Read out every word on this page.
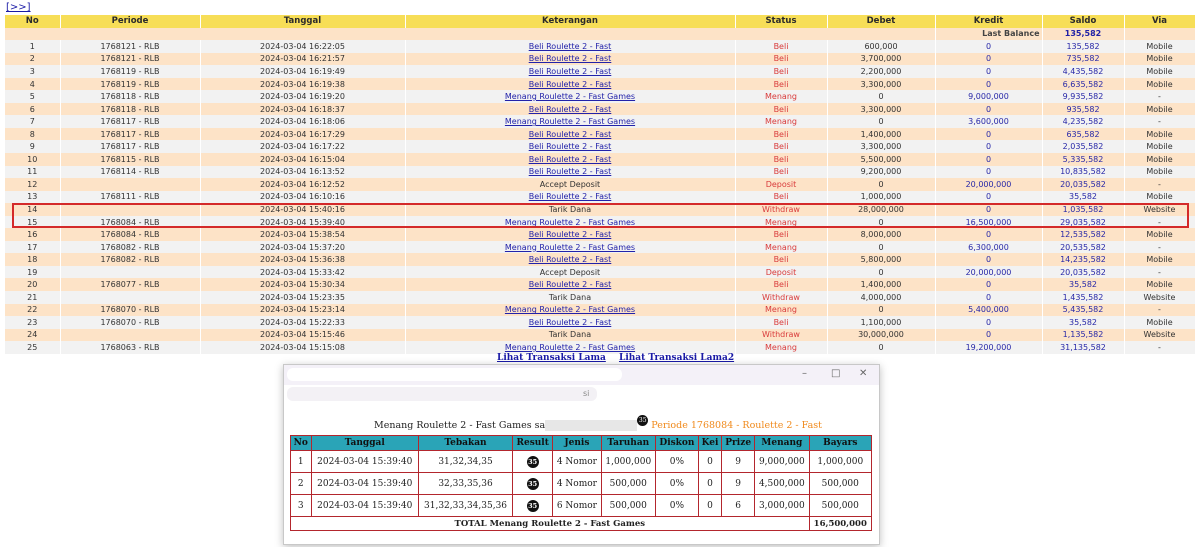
[>>]
No	Periode	Tanggal	Keterangan	Status	Debet	Kredit	Saldo	Via
						Last Balance	135,582	
1	1768121 - RLB	2024-03-04 16:22:05	Beli Roulette 2 - Fast	Beli	600,000	0	135,582	Mobile
2	1768121 - RLB	2024-03-04 16:21:57	Beli Roulette 2 - Fast	Beli	3,700,000	0	735,582	Mobile
3	1768119 - RLB	2024-03-04 16:19:49	Beli Roulette 2 - Fast	Beli	2,200,000	0	4,435,582	Mobile
4	1768119 - RLB	2024-03-04 16:19:38	Beli Roulette 2 - Fast	Beli	3,300,000	0	6,635,582	Mobile
5	1768118 - RLB	2024-03-04 16:19:20	Menang Roulette 2 - Fast Games	Menang	0	9,000,000	9,935,582	-
6	1768118 - RLB	2024-03-04 16:18:37	Beli Roulette 2 - Fast	Beli	3,300,000	0	935,582	Mobile
7	1768117 - RLB	2024-03-04 16:18:06	Menang Roulette 2 - Fast Games	Menang	0	3,600,000	4,235,582	-
8	1768117 - RLB	2024-03-04 16:17:29	Beli Roulette 2 - Fast	Beli	1,400,000	0	635,582	Mobile
9	1768117 - RLB	2024-03-04 16:17:22	Beli Roulette 2 - Fast	Beli	3,300,000	0	2,035,582	Mobile
10	1768115 - RLB	2024-03-04 16:15:04	Beli Roulette 2 - Fast	Beli	5,500,000	0	5,335,582	Mobile
11	1768114 - RLB	2024-03-04 16:13:52	Beli Roulette 2 - Fast	Beli	9,200,000	0	10,835,582	Mobile
12		2024-03-04 16:12:52	Accept Deposit	Deposit	0	20,000,000	20,035,582	-
13	1768111 - RLB	2024-03-04 16:10:16	Beli Roulette 2 - Fast	Beli	1,000,000	0	35,582	Mobile
14		2024-03-04 15:40:16	Tarik Dana	Withdraw	28,000,000	0	1,035,582	Website
15	1768084 - RLB	2024-03-04 15:39:40	Menang Roulette 2 - Fast Games	Menang	0	16,500,000	29,035,582	-
16	1768084 - RLB	2024-03-04 15:38:54	Beli Roulette 2 - Fast	Beli	8,000,000	0	12,535,582	Mobile
17	1768082 - RLB	2024-03-04 15:37:20	Menang Roulette 2 - Fast Games	Menang	0	6,300,000	20,535,582	-
18	1768082 - RLB	2024-03-04 15:36:38	Beli Roulette 2 - Fast	Beli	5,800,000	0	14,235,582	Mobile
19		2024-03-04 15:33:42	Accept Deposit	Deposit	0	20,000,000	20,035,582	-
20	1768077 - RLB	2024-03-04 15:30:34	Beli Roulette 2 - Fast	Beli	1,400,000	0	35,582	Mobile
21		2024-03-04 15:23:35	Tarik Dana	Withdraw	4,000,000	0	1,435,582	Website
22	1768070 - RLB	2024-03-04 15:23:14	Menang Roulette 2 - Fast Games	Menang	0	5,400,000	5,435,582	-
23	1768070 - RLB	2024-03-04 15:22:33	Beli Roulette 2 - Fast	Beli	1,100,000	0	35,582	Mobile
24		2024-03-04 15:15:46	Tarik Dana	Withdraw	30,000,000	0	1,135,582	Website
25	1768063 - RLB	2024-03-04 15:15:08	Menang Roulette 2 - Fast Games	Menang	0	19,200,000	31,135,582	-
Lihat Transaksi Lama Lihat Transaksi Lama2
– □ ✕
si
Menang Roulette 2 - Fast Games sa	35 Periode 1768084 - Roulette 2 - Fast
No	Tanggal	Tebakan	Result	Jenis	Taruhan	Diskon	Kei	Prize	Menang	Bayars
1	2024-03-04 15:39:40	31,32,34,35	35	4 Nomor	1,000,000	0%	0	9	9,000,000	1,000,000
2	2024-03-04 15:39:40	32,33,35,36	35	4 Nomor	500,000	0%	0	9	4,500,000	500,000
3	2024-03-04 15:39:40	31,32,33,34,35,36	35	6 Nomor	500,000	0%	0	6	3,000,000	500,000
TOTAL Menang Roulette 2 - Fast Games										16,500,000
